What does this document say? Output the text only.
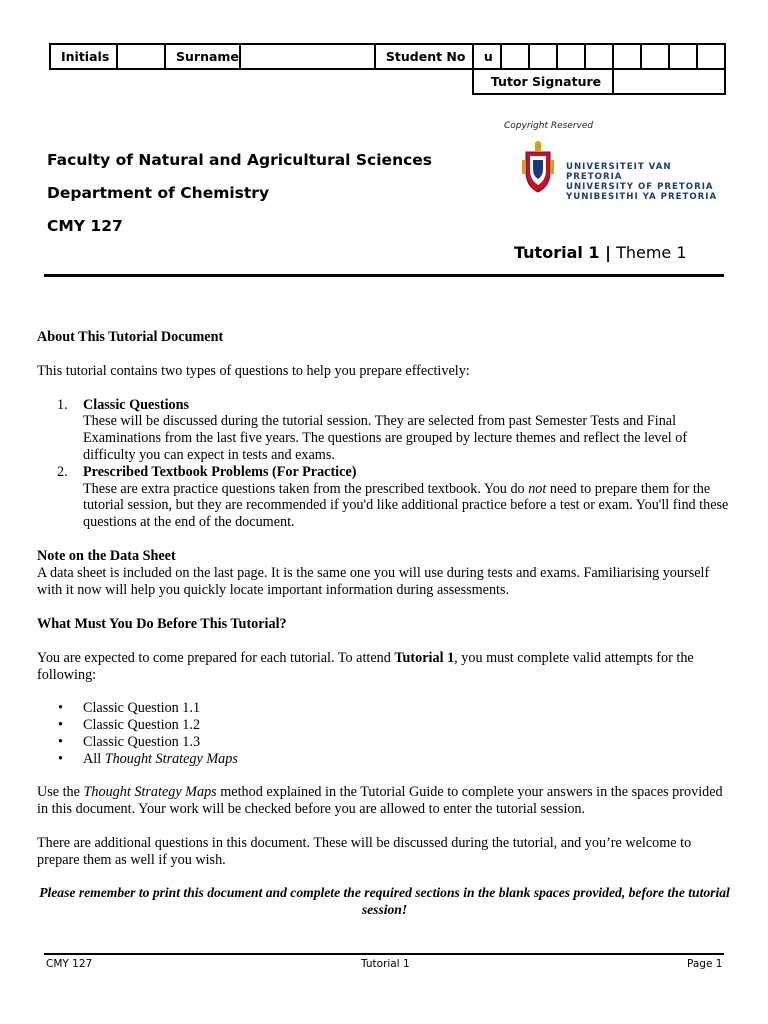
Initials		Surname		Student No	u								
					Tutor Signature								
Copyright Reserved
UNIVERSITEIT VAN PRETORIA
UNIVERSITY OF PRETORIA
YUNIBESITHI YA PRETORIA
Faculty of Natural and Agricultural Sciences
Department of Chemistry
CMY 127
Tutorial 1 | Theme 1

About This Tutorial Document

This tutorial contains two types of questions to help you prepare effectively:

1. Classic Questions
These will be discussed during the tutorial session. They are selected from past Semester Tests and Final Examinations from the last five years. The questions are grouped by lecture themes and reflect the level of difficulty you can expect in tests and exams.
2. Prescribed Textbook Problems (For Practice)
These are extra practice questions taken from the prescribed textbook. You do not need to prepare them for the tutorial session, but they are recommended if you'd like additional practice before a test or exam. You'll find these questions at the end of the document.

Note on the Data Sheet

A data sheet is included on the last page. It is the same one you will use during tests and exams. Familiarising yourself with it now will help you quickly locate important information during assessments.

What Must You Do Before This Tutorial?

You are expected to come prepared for each tutorial. To attend Tutorial 1, you must complete valid attempts for the following:

• Classic Question 1.1
• Classic Question 1.2
• Classic Question 1.3
• All Thought Strategy Maps

Use the Thought Strategy Maps method explained in the Tutorial Guide to complete your answers in the spaces provided in this document. Your work will be checked before you are allowed to enter the tutorial session.

There are additional questions in this document. These will be discussed during the tutorial, and you’re welcome to prepare them as well if you wish.
Please remember to print this document and complete the required sections in the blank spaces provided, before the tutorial session!
CMY 127	Tutorial 1	Page 1
